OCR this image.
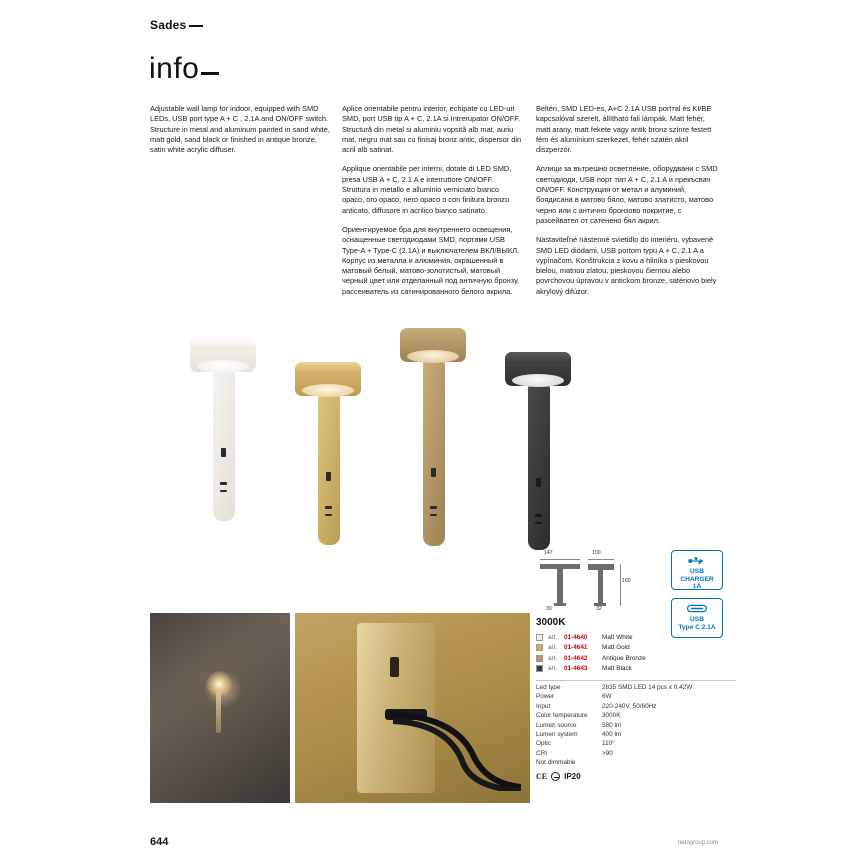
Sades
info

Adjustable wall lamp for indoor, equipped with SMD LEDs, USB port type A + C , 2.1A and ON/OFF switch. Structure in metal and aluminum painted in sand white, matt gold, sand black or finished in antique bronze, satin white acrylic diffuser.

Aplice orientabile pentru interior, echipate cu LED-uri SMD, port USB tip A + C, 2.1A si Intrerupator ON/OFF. Structură din metal si aluminiu vopsită alb mat, auriu mat, negru mat sau cu finisaj bronz antic, dispersor din acril alb satinat.

Applique orientabile per interni, dotate di LED SMD, presa USB A + C, 2.1 A e interruttore ON/OFF. Struttura in metallo e alluminio verniciato bianco opaco, oro opaco, nero opaco o con finitura bronzo anticato, diffusore in acrilico bianco satinato.

Ориентируемое бра для внутреннего освещения, оснащенные светодиодами SMD, портами USB Type-A + Type-C (2.1A) и выключателем ВКЛ/ВЫКЛ. Корпус из металла и алюминия, окрашенный в матовый белый, матово-золотистый, матовый черный цвет или отделанный под античную бронзу, рассеиватель из сатинированного белого акрила.

Beltéri, SMD LED-es, A+C 2.1A USB portтal és KI/BE kapcsolóval szerelt, állítható fali lámpák. Matt fehér, matt arany, matt fekete vagy antik bronz színre festett fém és alumínium szerkezet, fehér szatén akril diszperzór.

Аплици за вътрешно осветление, оборудвани с SMD светодиоди, USB порт тип A + C, 2.1 A и прекъсвач ON/OFF. Конструкция от метал и алуминий, боядисана в матово бяло, матово златисто, матово черно или с антично бронзово покритие, с разсейвател от сатенено бял акрил.

Nastaviteľné nástenné svietidlo do interiéru, vybavené SMD LED diódami, USB portom typu A + C, 2.1 A a vypínačom. Konštrukcia z kovu a hliníka s pieskovou bielou, matnou zlatou, pieskovou čiernou alebo povrchovou úpravou v antickom bronze, saténovo biely akrylový difúzor.

147	100
160
30	32
USB
CHARGER
1A
USB
Type C 2.1A
3000K
art.	01-4640	Matt White
art.	01-4641	Matt Gold
art.	01-4642	Antique Bronze
art.	01-4643	Matt Black
Led type	2835 SMD LED 14 pcs x 0,42W
Power	6W
Input	220-240V, 50/60Hz
Color temperature	3000K
Lumen source	580 lm
Lumen system	400 lm
Optic	110°
CRI	>90
Not dimmable
CE IP20
644	redogroup.com
